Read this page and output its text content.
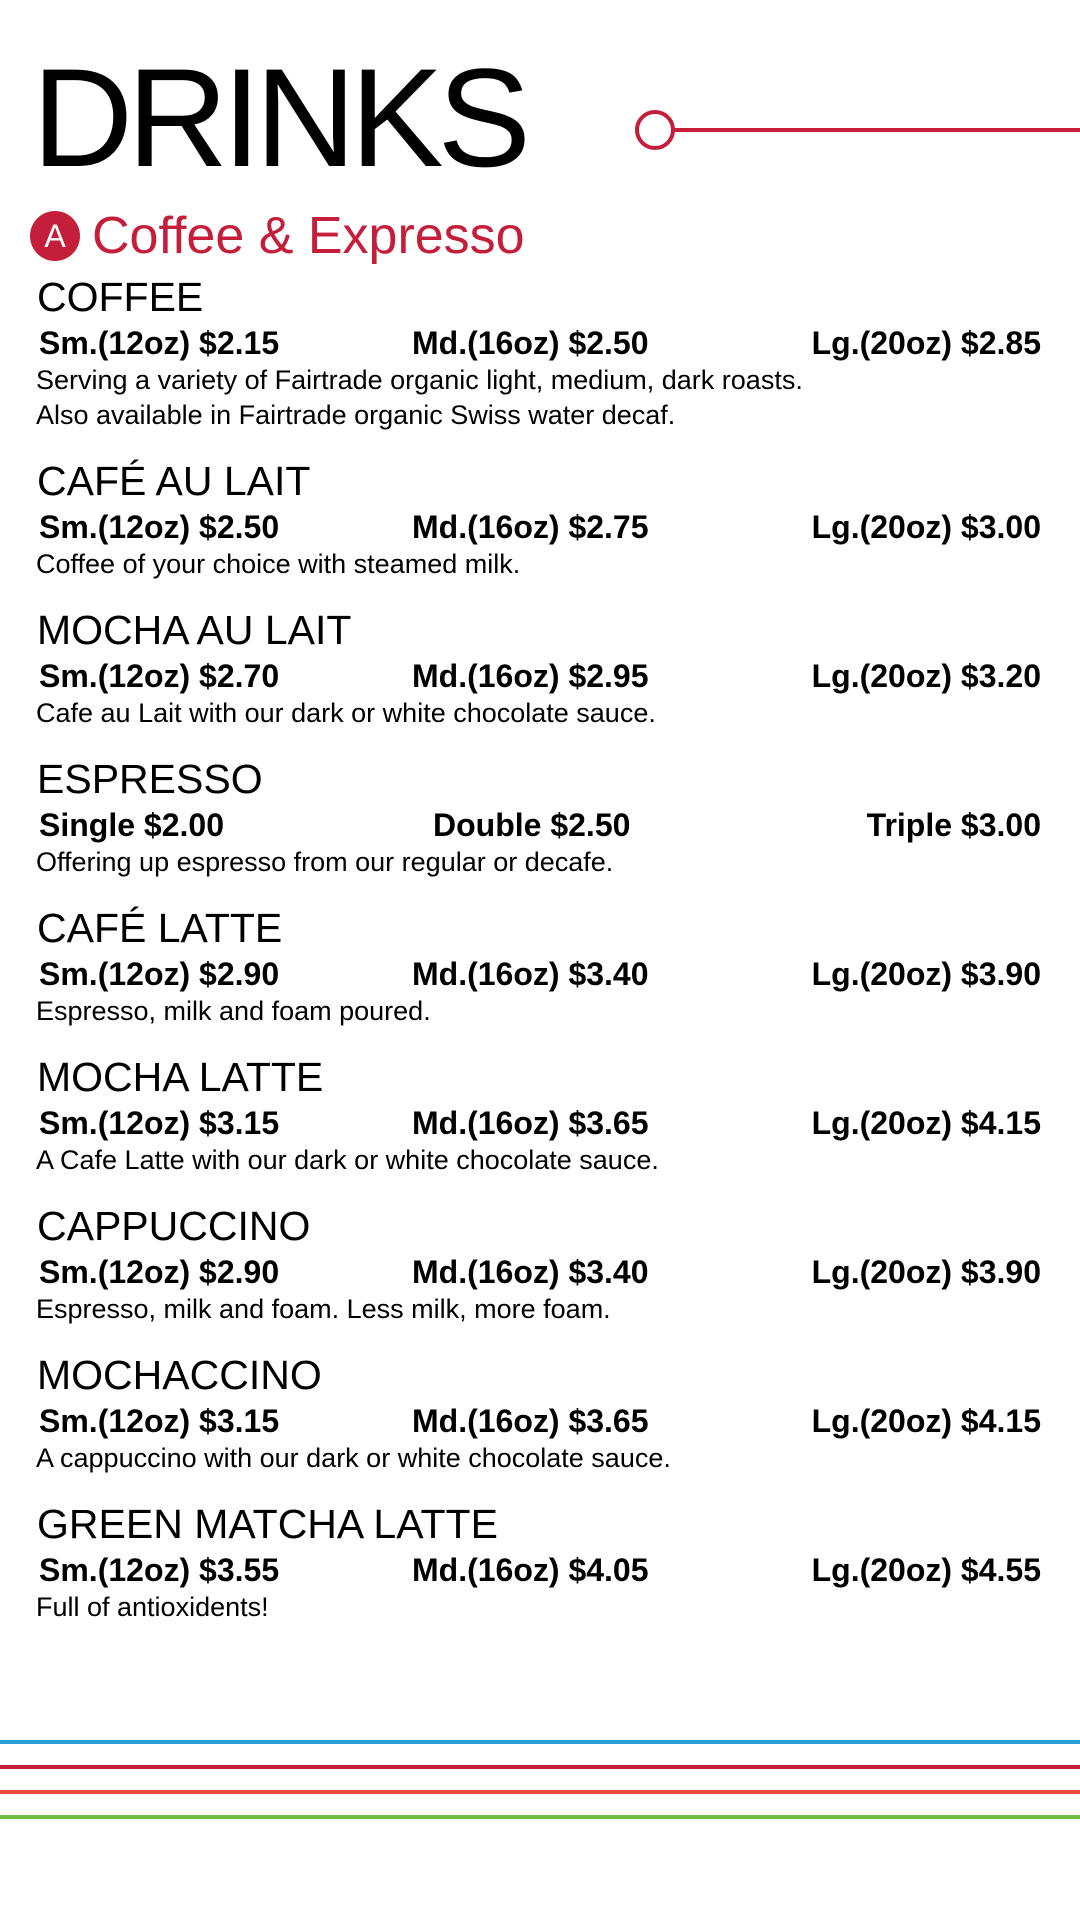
DRINKS
A Coffee & Expresso
COFFEE
Sm.(12oz) $2.15	Md.(16oz) $2.50	Lg.(20oz) $2.85
Serving a variety of Fairtrade organic light, medium, dark roasts.
Also available in Fairtrade organic Swiss water decaf.
CAFÉ AU LAIT
Sm.(12oz) $2.50	Md.(16oz) $2.75	Lg.(20oz) $3.00
Coffee of your choice with steamed milk.
MOCHA AU LAIT
Sm.(12oz) $2.70	Md.(16oz) $2.95	Lg.(20oz) $3.20
Cafe au Lait with our dark or white chocolate sauce.
ESPRESSO
Single $2.00	Double $2.50	Triple $3.00
Offering up espresso from our regular or decafe.
CAFÉ LATTE
Sm.(12oz) $2.90	Md.(16oz) $3.40	Lg.(20oz) $3.90
Espresso, milk and foam poured.
MOCHA LATTE
Sm.(12oz) $3.15	Md.(16oz) $3.65	Lg.(20oz) $4.15
A Cafe Latte with our dark or white chocolate sauce.
CAPPUCCINO
Sm.(12oz) $2.90	Md.(16oz) $3.40	Lg.(20oz) $3.90
Espresso, milk and foam. Less milk, more foam.
MOCHACCINO
Sm.(12oz) $3.15	Md.(16oz) $3.65	Lg.(20oz) $4.15
A cappuccino with our dark or white chocolate sauce.
GREEN MATCHA LATTE
Sm.(12oz) $3.55	Md.(16oz) $4.05	Lg.(20oz) $4.55
Full of antioxidents!
